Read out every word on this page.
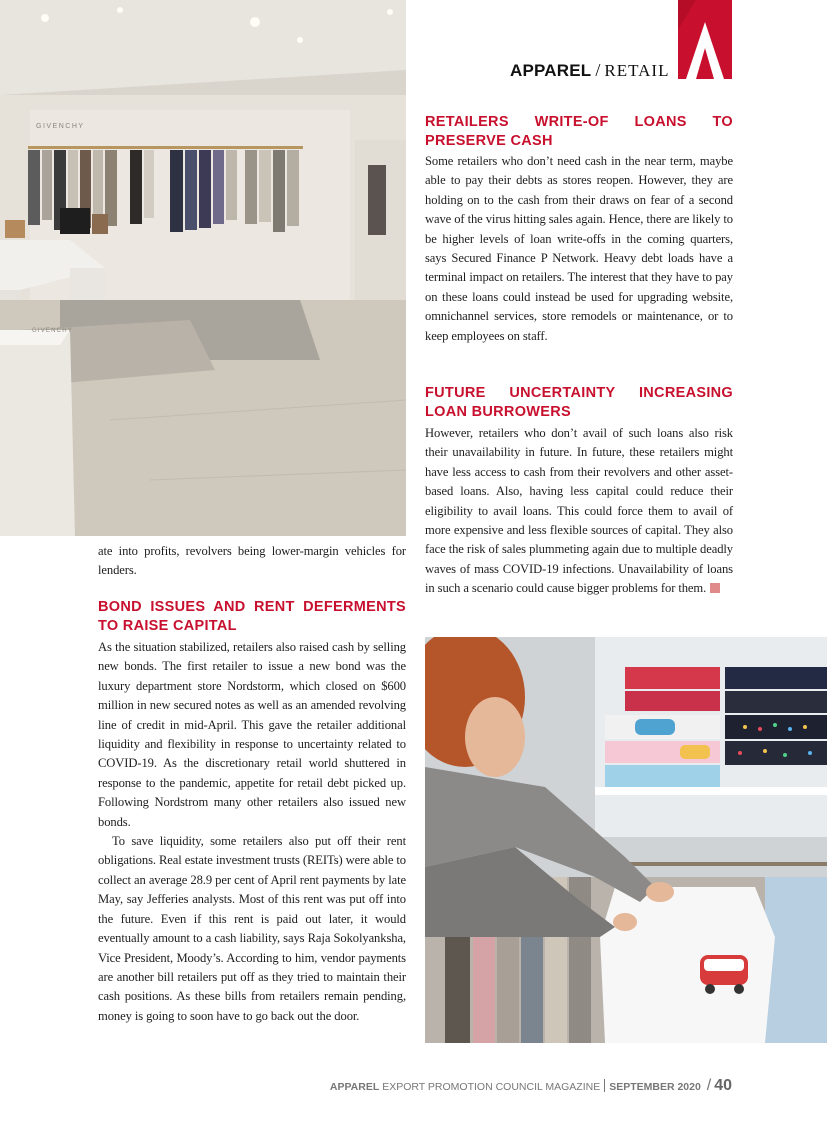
GIVENCHY
GIVENCHY
APPAREL / RETAIL
RETAILERS WRITE-OF LOANS TO PRESERVE CASH

Some retailers who don’t need cash in the near term, maybe able to pay their debts as stores reopen. However, they are holding on to the cash from their draws on fear of a second wave of the virus hitting sales again. Hence, there are likely to be higher levels of loan write-offs in the coming quarters, says Secured Finance P Network. Heavy debt loads have a terminal impact on retailers. The interest that they have to pay on these loans could instead be used for upgrading website, omnichannel services, store remodels or maintenance, or to keep employees on staff.

FUTURE UNCERTAINTY INCREASING LOAN BURROWERS

However, retailers who don’t avail of such loans also risk their unavailability in future. In future, these retailers might have less access to cash from their revolvers and other asset-based loans. Also, having less capital could reduce their eligibility to avail loans. This could force them to avail of more expensive and less flexible sources of capital. They also face the risk of sales plummeting again due to multiple deadly waves of mass COVID-19 infections. Unavailability of loans in such a scenario could cause bigger problems for them.

ate into profits, revolvers being lower-margin vehicles for lenders.

BOND ISSUES AND RENT DEFERMENTS TO RAISE CAPITAL
As the situation stabilized, retailers also raised cash by selling new bonds. The first retailer to issue a new bond was the luxury department store Nordstorm, which closed on $600 million in new secured notes as well as an amended revolving line of credit in mid-April. This gave the retailer additional liquidity and flexibility in response to uncertainty related to COVID-19. As the discretionary retail world shuttered in response to the pandemic, appetite for retail debt picked up. Following Nordstrom many other retailers also issued new bonds.
To save liquidity, some retailers also put off their rent obligations. Real estate investment trusts (REITs) were able to collect an average 28.9 per cent of April rent payments by late May, say Jefferies analysts. Most of this rent was put off into the future. Even if this rent is paid out later, it would eventually amount to a cash liability, says Raja Sokolyanksha, Vice President, Moody’s. According to him, vendor payments are another bill retailers put off as they tried to maintain their cash positions. As these bills from retailers remain pending, money is going to soon have to go back out the door.
APPAREL EXPORT PROMOTION COUNCIL MAGAZINE SEPTEMBER 2020 / 40
